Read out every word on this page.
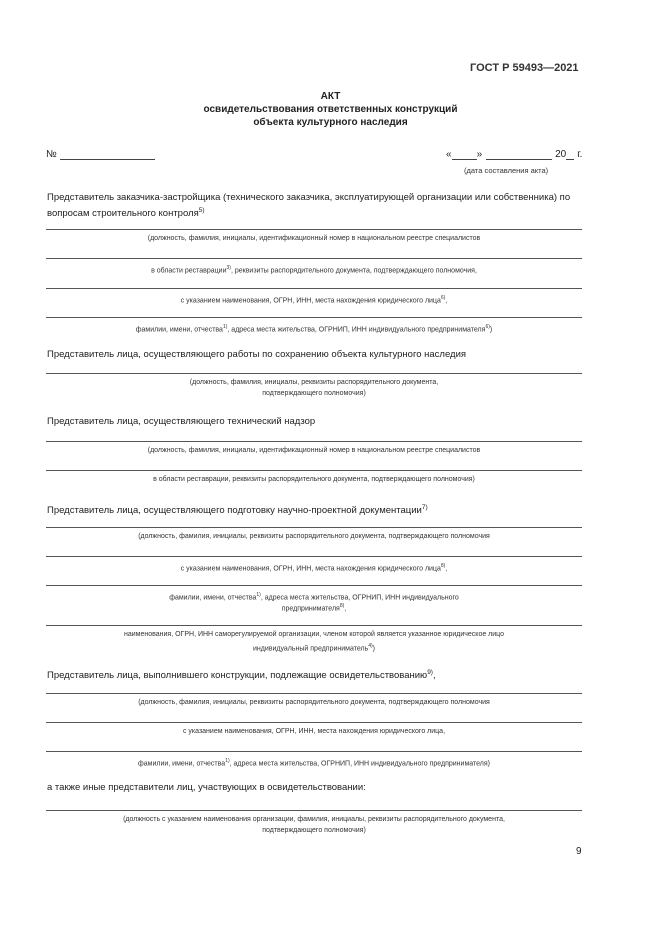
ГОСТ Р 59493—2021
АКТ
освидетельствования ответственных конструкций
объекта культурного наследия
№	«	»	20 г.
(дата составления акта)
Представитель заказчика-застройщика (технического заказчика, эксплуатирующей организации или собственника) по вопросам строительного контроля$^{5)}$
(должность, фамилия, инициалы, идентификационный номер в национальном реестре специалистов
в области реставрации$^{3)}$, реквизиты распорядительного документа, подтверждающего полномочия,
с указанием наименования, ОГРН, ИНН, места нахождения юридического лица$^{6)}$,
фамилии, имени, отчества$^{1)}$, адреса места жительства, ОГРНИП, ИНН индивидуального предпринимателя$^{6)}$)
Представитель лица, осуществляющего работы по сохранению объекта культурного наследия
(должность, фамилия, инициалы, реквизиты распорядительного документа,
подтверждающего полномочия)
Представитель лица, осуществляющего технический надзор
(должность, фамилия, инициалы, идентификационный номер в национальном реестре специалистов
в области реставрации, реквизиты распорядительного документа, подтверждающего полномочия)
Представитель лица, осуществляющего подготовку научно-проектной документации$^{7)}$
(должность, фамилия, инициалы, реквизиты распорядительного документа, подтверждающего полномочия
с указанием наименования, ОГРН, ИНН, места нахождения юридического лица$^{8)}$,
фамилии, имени, отчества$^{1)}$, адреса места жительства, ОГРНИП, ИНН индивидуального
предпринимателя$^{8)}$,
наименования, ОГРН, ИНН саморегулируемой организации, членом которой является указанное юридическое лицо
индивидуальный предприниматель$^{4)}$)
Представитель лица, выполнившего конструкции, подлежащие освидетельствованию$^{9)}$,
(должность, фамилия, инициалы, реквизиты распорядительного документа, подтверждающего полномочия
с указанием наименования, ОГРН, ИНН, места нахождения юридического лица,
фамилии, имени, отчества$^{1)}$, адреса места жительства, ОГРНИП, ИНН индивидуального предпринимателя)
а также иные представители лиц, участвующих в освидетельствовании:
(должность с указанием наименования организации, фамилия, инициалы, реквизиты распорядительного документа,
подтверждающего полномочия)
9
